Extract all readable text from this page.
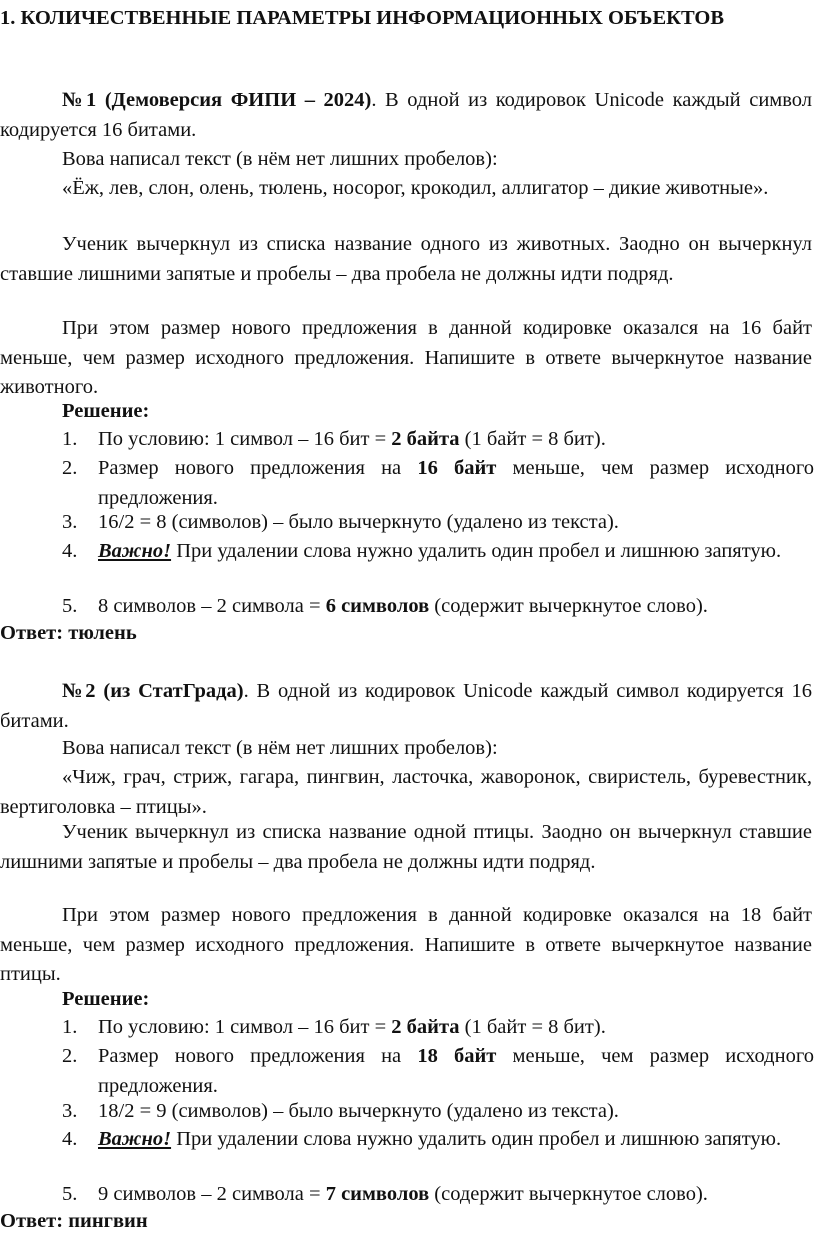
1. КОЛИЧЕСТВЕННЫЕ ПАРАМЕТРЫ ИНФОРМАЦИОННЫХ ОБЪЕКТОВ
№1 (Демоверсия ФИПИ – 2024). В одной из кодировок Unicode каждый символ кодируется 16 битами.
Вова написал текст (в нём нет лишних пробелов):
«Ёж, лев, слон, олень, тюлень, носорог, крокодил, аллигатор – дикие животные».
Ученик вычеркнул из списка название одного из животных. Заодно он вычеркнул ставшие лишними запятые и пробелы – два пробела не должны идти подряд.
При этом размер нового предложения в данной кодировке оказался на 16 байт меньше, чем размер исходного предложения. Напишите в ответе вычеркнутое название животного.
Решение:
1.	По условию: 1 символ – 16 бит = 2 байта (1 байт = 8 бит).
2.	Размер нового предложения на 16 байт меньше, чем размер исходного предложения.
3.	16/2 = 8 (символов) – было вычеркнуто (удалено из текста).
4.	Важно! При удалении слова нужно удалить один пробел и лишнюю запятую.
5.	8 символов – 2 символа = 6 символов (содержит вычеркнутое слово).
Ответ: тюлень
№2 (из СтатГрада). В одной из кодировок Unicode каждый символ кодируется 16 битами.
Вова написал текст (в нём нет лишних пробелов):
«Чиж, грач, стриж, гагара, пингвин, ласточка, жаворонок, свиристель, буревестник, вертиголовка – птицы».
Ученик вычеркнул из списка название одной птицы. Заодно он вычеркнул ставшие лишними запятые и пробелы – два пробела не должны идти подряд.
При этом размер нового предложения в данной кодировке оказался на 18 байт меньше, чем размер исходного предложения. Напишите в ответе вычеркнутое название птицы.
Решение:
1.	По условию: 1 символ – 16 бит = 2 байта (1 байт = 8 бит).
2.	Размер нового предложения на 18 байт меньше, чем размер исходного предложения.
3.	18/2 = 9 (символов) – было вычеркнуто (удалено из текста).
4.	Важно! При удалении слова нужно удалить один пробел и лишнюю запятую.
5.	9 символов – 2 символа = 7 символов (содержит вычеркнутое слово).
Ответ: пингвин
